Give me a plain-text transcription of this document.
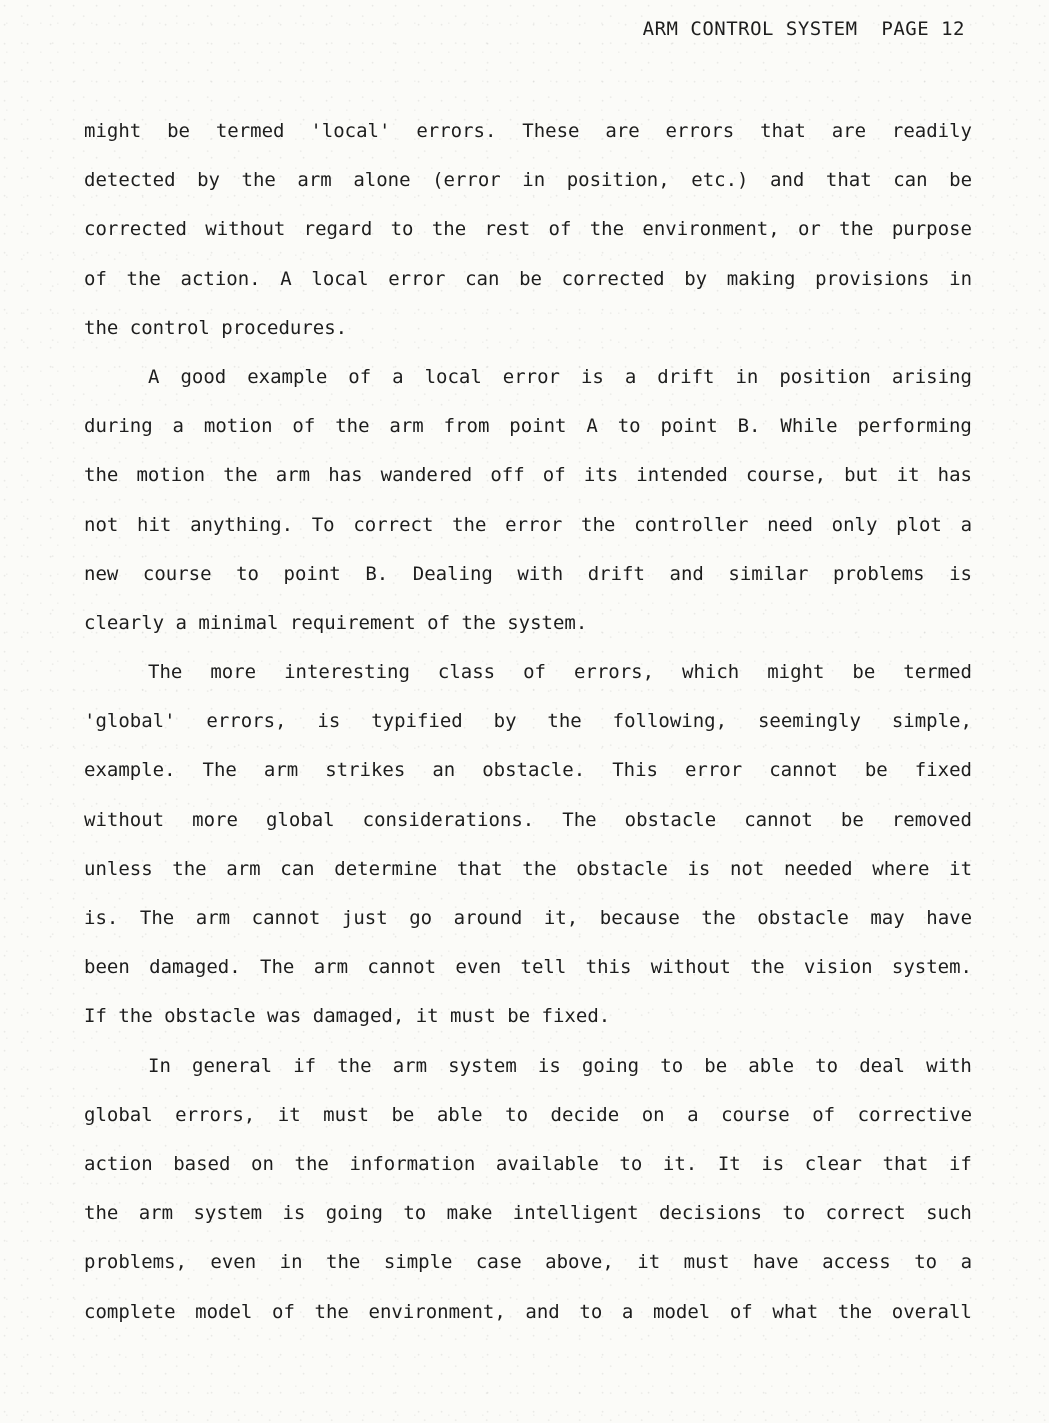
ARM CONTROL SYSTEM  PAGE 12
might be termed 'local' errors. These are errors that are readily
detected by the arm alone (error in position, etc.) and that can be
corrected without regard to the rest of the environment, or the purpose
of the action. A local error can be corrected by making provisions in
the control procedures.
A good example of a local error is a drift in position arising
during a motion of the arm from point A to point B. While performing
the motion the arm has wandered off of its intended course, but it has
not hit anything. To correct the error the controller need only plot a
new course to point B. Dealing with drift and similar problems is
clearly a minimal requirement of the system.
The more interesting class of errors, which might be termed
'global' errors, is typified by the following, seemingly simple,
example. The arm strikes an obstacle. This error cannot be fixed
without more global considerations. The obstacle cannot be removed
unless the arm can determine that the obstacle is not needed where it
is. The arm cannot just go around it, because the obstacle may have
been damaged. The arm cannot even tell this without the vision system.
If the obstacle was damaged, it must be fixed.
In general if the arm system is going to be able to deal with
global errors, it must be able to decide on a course of corrective
action based on the information available to it. It is clear that if
the arm system is going to make intelligent decisions to correct such
problems, even in the simple case above, it must have access to a
complete model of the environment, and to a model of what the overall
